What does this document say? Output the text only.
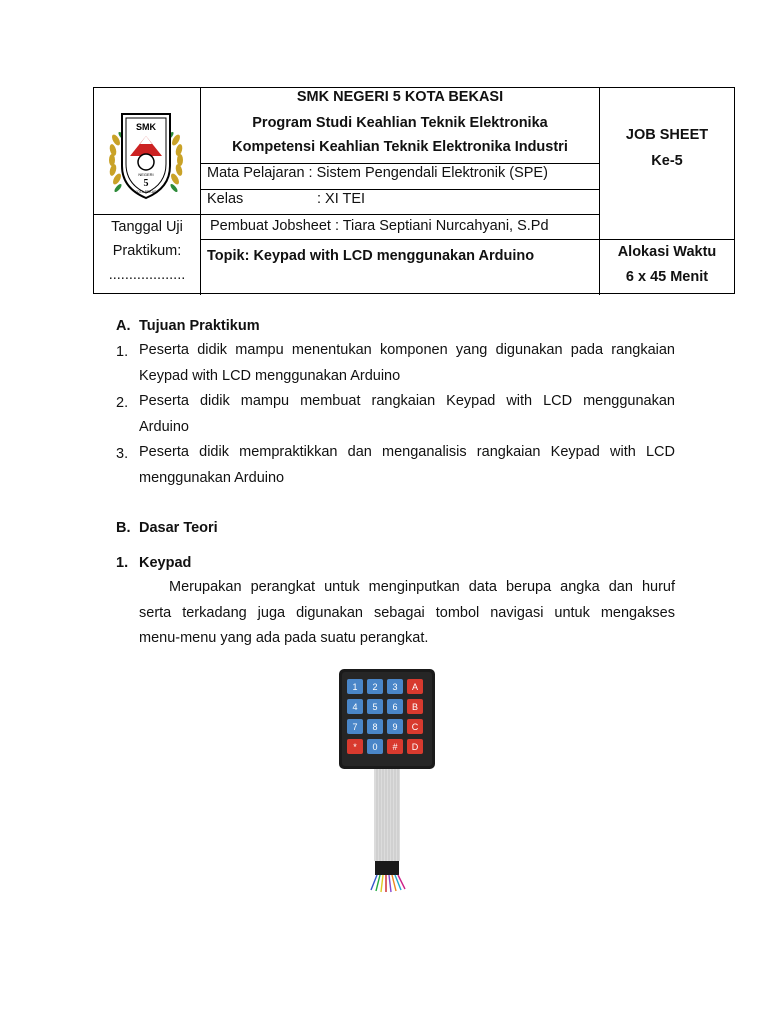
SMK
NEGERI
5
KOTA BEKASI
SMK NEGERI 5 KOTA BEKASI
Program Studi Keahlian Teknik Elektronika
Kompetensi Keahlian Teknik Elektronika Industri
Mata Pelajaran : Sistem Pengendali Elektronik (SPE)
Kelas	: XI TEI
Pembuat Jobsheet : Tiara Septiani Nurcahyani, S.Pd
Topik: Keypad with LCD menggunakan Arduino
JOB SHEET
Ke-5
Tanggal Uji
Praktikum:
...................
Alokasi Waktu
6 x 45 Menit
A. Tujuan Praktikum
1. Peserta didik mampu menentukan komponen yang digunakan pada rangkaian
Keypad with LCD menggunakan Arduino
2. Peserta didik mampu membuat rangkaian Keypad with LCD menggunakan
Arduino
3. Peserta didik mempraktikkan dan menganalisis rangkaian Keypad with LCD
menggunakan Arduino
B. Dasar Teori
1. Keypad
Merupakan perangkat untuk menginputkan data berupa angka dan huruf
serta terkadang juga digunakan sebagai tombol navigasi untuk mengakses
menu-menu yang ada pada suatu perangkat.
1 2 3 A
4 5 6 B
7 8 9 C
* 0 # D
